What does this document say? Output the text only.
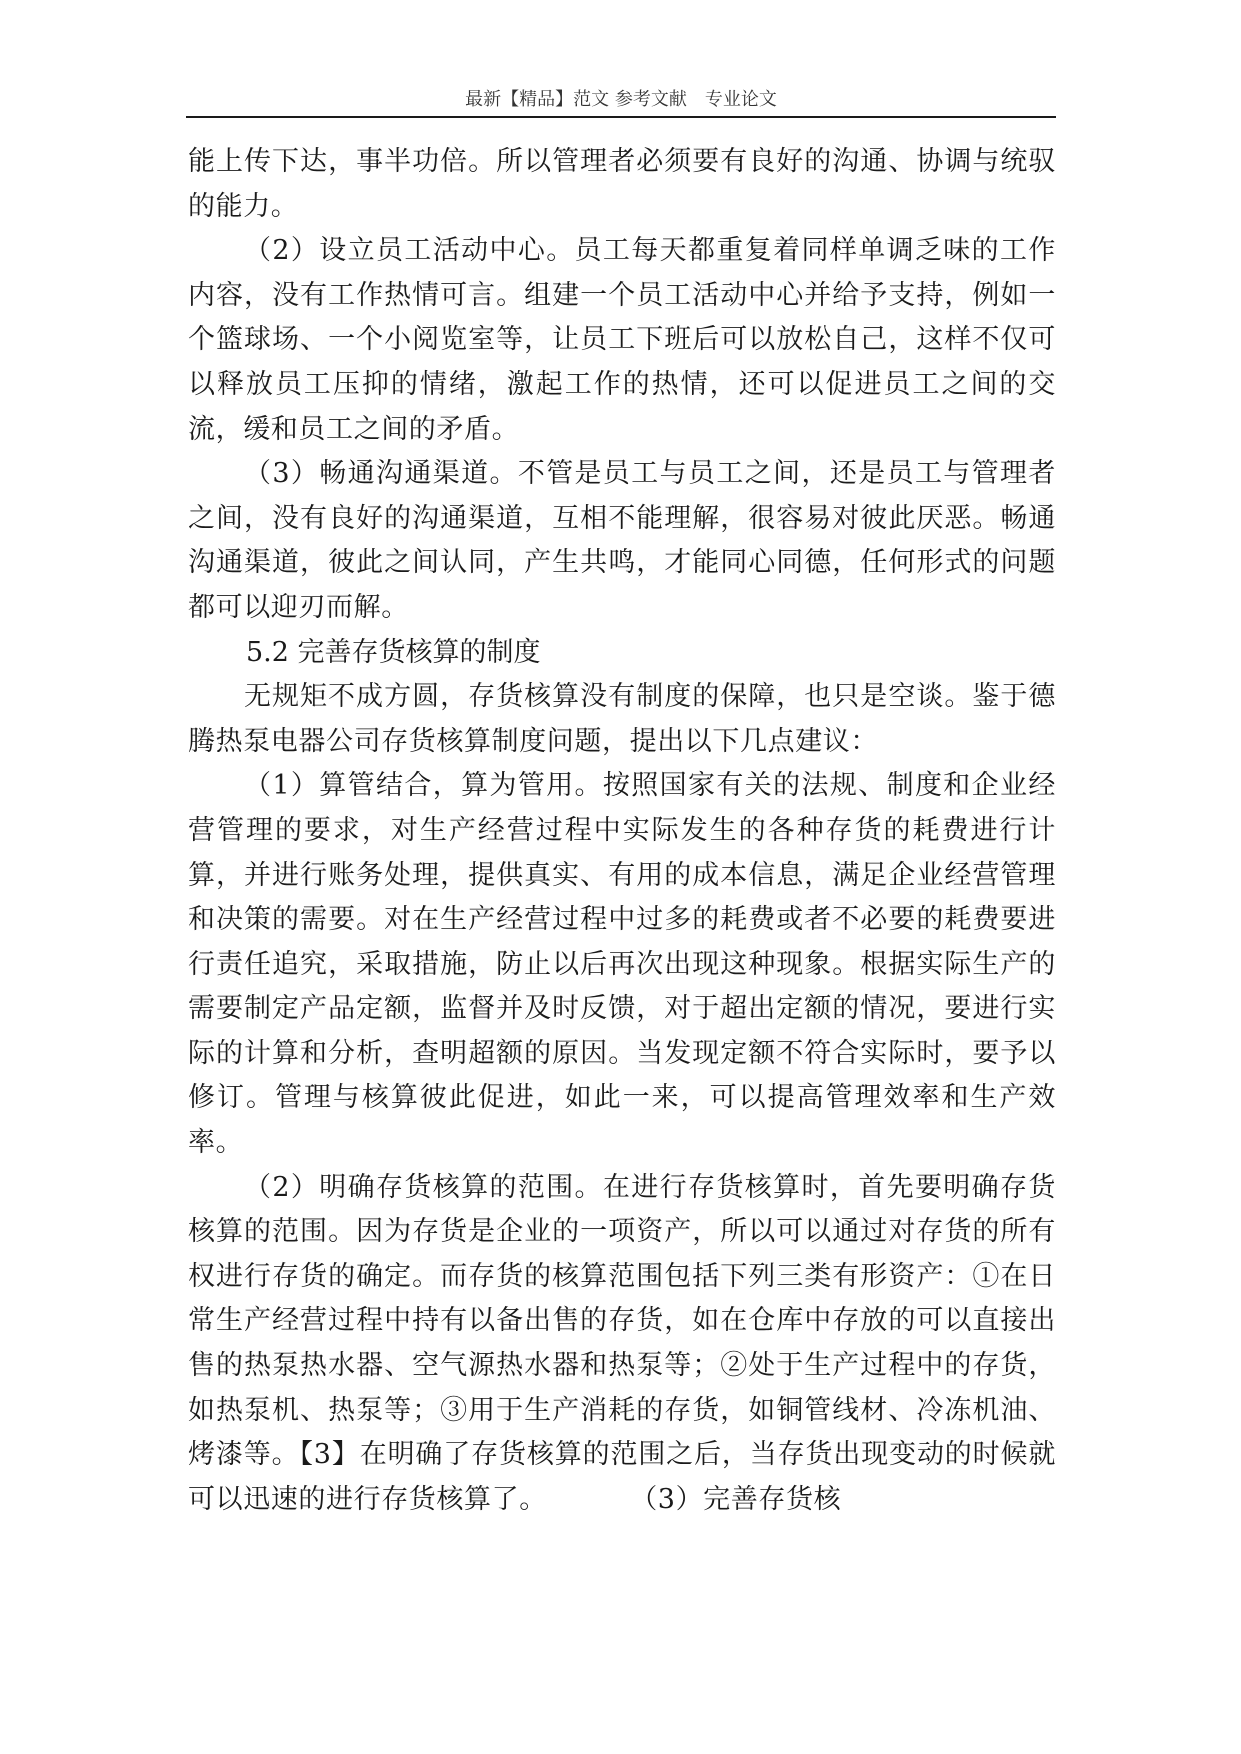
最新【精品】范文 参考文献　专业论文

能上传下达，事半功倍。所以管理者必须要有良好的沟通、协调与统驭的能力。

（2）设立员工活动中心。员工每天都重复着同样单调乏味的工作内容，没有工作热情可言。组建一个员工活动中心并给予支持，例如一个篮球场、一个小阅览室等，让员工下班后可以放松自己，这样不仅可以释放员工压抑的情绪，激起工作的热情，还可以促进员工之间的交流，缓和员工之间的矛盾。

（3）畅通沟通渠道。不管是员工与员工之间，还是员工与管理者之间，没有良好的沟通渠道，互相不能理解，很容易对彼此厌恶。畅通沟通渠道，彼此之间认同，产生共鸣，才能同心同德，任何形式的问题都可以迎刃而解。

5.2 完善存货核算的制度

无规矩不成方圆，存货核算没有制度的保障，也只是空谈。鉴于德腾热泵电器公司存货核算制度问题，提出以下几点建议：

（1）算管结合，算为管用。按照国家有关的法规、制度和企业经营管理的要求，对生产经营过程中实际发生的各种存货的耗费进行计算，并进行账务处理，提供真实、有用的成本信息，满足企业经营管理和决策的需要。对在生产经营过程中过多的耗费或者不必要的耗费要进行责任追究，采取措施，防止以后再次出现这种现象。根据实际生产的需要制定产品定额，监督并及时反馈，对于超出定额的情况，要进行实际的计算和分析，查明超额的原因。当发现定额不符合实际时，要予以修订。管理与核算彼此促进，如此一来，可以提高管理效率和生产效率。

（2）明确存货核算的范围。在进行存货核算时，首先要明确存货核算的范围。因为存货是企业的一项资产，所以可以通过对存货的所有权进行存货的确定。而存货的核算范围包括下列三类有形资产：①在日常生产经营过程中持有以备出售的存货，如在仓库中存放的可以直接出售的热泵热水器、空气源热水器和热泵等；②处于生产过程中的存货，如热泵机、热泵等；③用于生产消耗的存货，如铜管线材、冷冻机油、烤漆等。【3】在明确了存货核算的范围之后，当存货出现变动的时候就可以迅速的进行存货核算了。　　　　（3）完善存货核
